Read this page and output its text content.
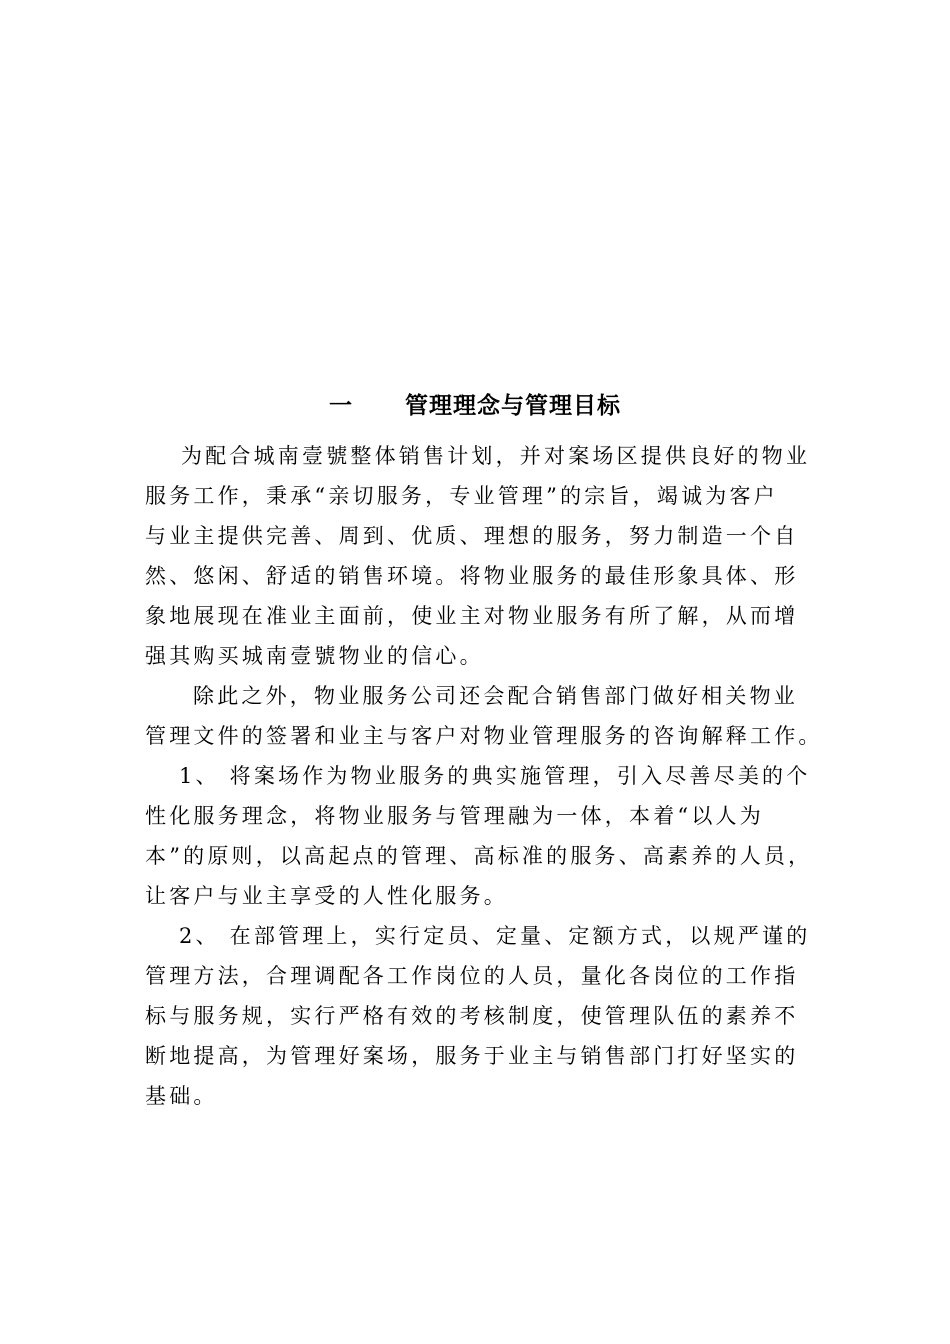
一 管理理念与管理目标
为配合城南壹號整体销售计划，并对案场区提供良好的物业
服务工作，秉承“亲切服务，专业管理”的宗旨，竭诚为客户
与业主提供完善、周到、优质、理想的服务，努力制造一个自
然、悠闲、舒适的销售环境。将物业服务的最佳形象具体、形
象地展现在准业主面前，使业主对物业服务有所了解，从而增
强其购买城南壹號物业的信心。
除此之外，物业服务公司还会配合销售部门做好相关物业
管理文件的签署和业主与客户对物业管理服务的咨询解释工作。
1、 将案场作为物业服务的典实施管理，引入尽善尽美的个
性化服务理念，将物业服务与管理融为一体，本着“以人为
本”的原则，以高起点的管理、高标准的服务、高素养的人员，
让客户与业主享受的人性化服务。
2、 在部管理上，实行定员、定量、定额方式，以规严谨的
管理方法，合理调配各工作岗位的人员，量化各岗位的工作指
标与服务规，实行严格有效的考核制度，使管理队伍的素养不
断地提高，为管理好案场，服务于业主与销售部门打好坚实的
基础。
